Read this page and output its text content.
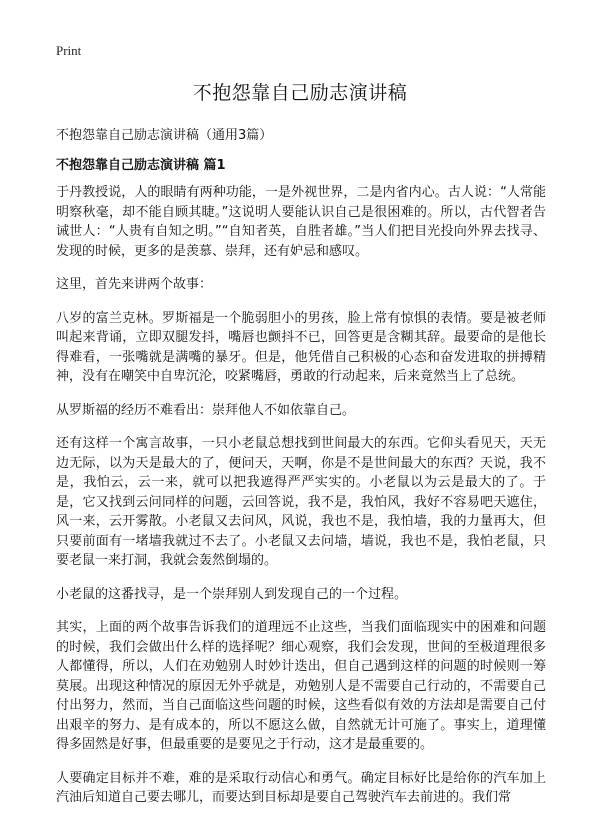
Print
不抱怨靠自己励志演讲稿

不抱怨靠自己励志演讲稿（通用3篇）

不抱怨靠自己励志演讲稿 篇1

于丹教授说，人的眼睛有两种功能，一是外视世界，二是内省内心。古人说：“人常能明察秋毫，却不能自顾其睫。”这说明人要能认识自己是很困难的。所以，古代智者告诫世人：“人贵有自知之明。”“自知者英，自胜者雄。”当人们把目光投向外界去找寻、发现的时候，更多的是羡慕、崇拜，还有妒忌和感叹。

这里，首先来讲两个故事：

八岁的富兰克林。罗斯福是一个脆弱胆小的男孩，脸上常有惊惧的表情。要是被老师叫起来背诵，立即双腿发抖，嘴唇也颤抖不已，回答更是含糊其辞。最要命的是他长得难看，一张嘴就是满嘴的暴牙。但是，他凭借自己积极的心态和奋发进取的拼搏精神，没有在嘲笑中自卑沉沦，咬紧嘴唇，勇敢的行动起来，后来竟然当上了总统。

从罗斯福的经历不难看出：崇拜他人不如依靠自己。

还有这样一个寓言故事，一只小老鼠总想找到世间最大的东西。它仰头看见天，天无边无际，以为天是最大的了，便问天，天啊，你是不是世间最大的东西？天说，我不是，我怕云，云一来，就可以把我遮得严严实实的。小老鼠以为云是最大的了。于是，它又找到云问同样的问题，云回答说，我不是，我怕风，我好不容易吧天遮住，风一来，云开雾散。小老鼠又去问风，风说，我也不是，我怕墙，我的力量再大，但只要前面有一堵墙我就过不去了。小老鼠又去问墙，墙说，我也不是，我怕老鼠，只要老鼠一来打洞，我就会轰然倒塌的。

小老鼠的这番找寻，是一个崇拜别人到发现自己的一个过程。

其实，上面的两个故事告诉我们的道理远不止这些，当我们面临现实中的困难和问题的时候，我们会做出什么样的选择呢？细心观察，我们会发现，世间的至极道理很多人都懂得，所以，人们在劝勉别人时妙计迭出，但自己遇到这样的问题的时候则一筹莫展。出现这种情况的原因无外乎就是，劝勉别人是不需要自己行动的，不需要自己付出努力，然而，当自己面临这些问题的时候，这些看似有效的方法却是需要自己付出艰辛的努力、是有成本的，所以不愿这么做，自然就无计可施了。事实上，道理懂得多固然是好事，但最重要的是要见之于行动，这才是最重要的。

人要确定目标并不难，难的是采取行动信心和勇气。确定目标好比是给你的汽车加上汽油后知道自己要去哪儿，而要达到目标却是要自己驾驶汽车去前进的。我们常
